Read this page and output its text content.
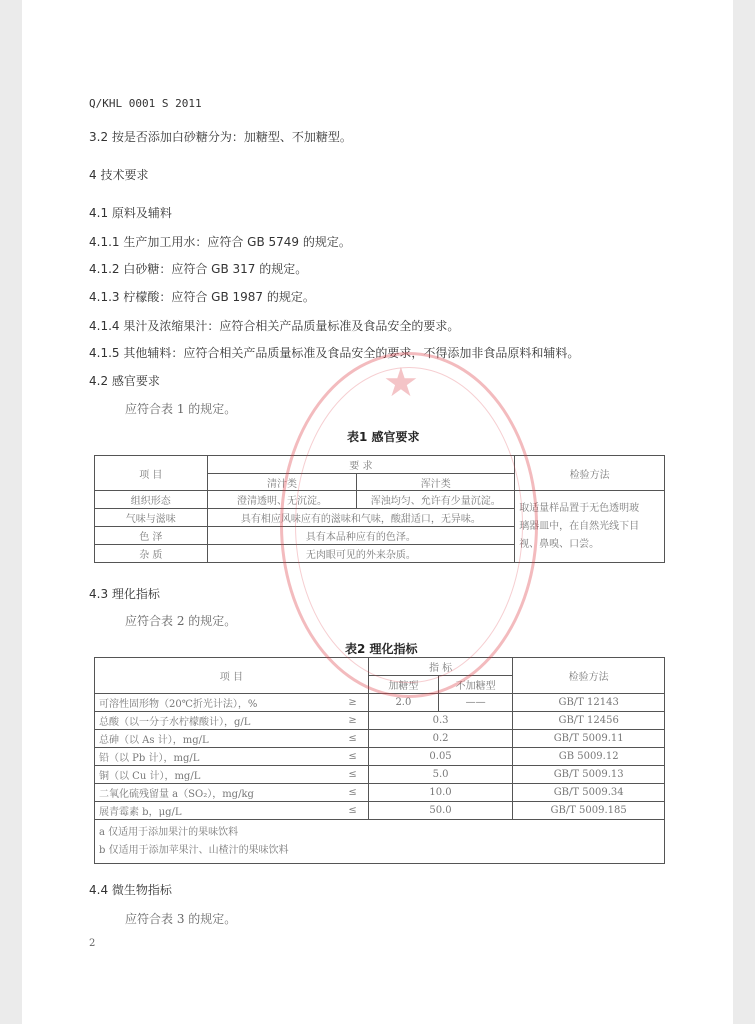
Q/KHL 0001 S 2011
3.2 按是否添加白砂糖分为：加糖型、不加糖型。
4 技术要求
4.1 原料及辅料
4.1.1 生产加工用水：应符合 GB 5749 的规定。
4.1.2 白砂糖：应符合 GB 317 的规定。
4.1.3 柠檬酸：应符合 GB 1987 的规定。
4.1.4 果汁及浓缩果汁：应符合相关产品质量标准及食品安全的要求。
4.1.5 其他辅料：应符合相关产品质量标准及食品安全的要求，不得添加非食品原料和辅料。
4.2 感官要求
应符合表 1 的规定。
表1 感官要求
项 目	要 求		检验方法
	清汁类	浑汁类	
组织形态	澄清透明、无沉淀。	浑浊均匀、允许有少量沉淀。	取适量样品置于无色透明玻
璃器皿中，在自然光线下目
视、鼻嗅、口尝。

气味与滋味	具有相应风味应有的滋味和气味，酸甜适口，无异味。		
色 泽	具有本品种应有的色泽。		
杂 质	无肉眼可见的外来杂质。		
4.3 理化指标
应符合表 2 的规定。
表2 理化指标
项 目		指 标		检验方法
		加糖型	不加糖型	
可溶性固形物（20℃折光计法），%	≥	2.0	——	GB/T 12143
总酸（以一分子水柠檬酸计），g/L	≥	0.3		GB/T 12456
总砷（以 As 计），mg/L	≤	0.2		GB/T 5009.11
铅（以 Pb 计），mg/L	≤	0.05		GB 5009.12
铜（以 Cu 计），mg/L	≤	5.0		GB/T 5009.13
二氧化硫残留量 a（SO₂），mg/kg	≤	10.0		GB/T 5009.34
展青霉素 b，μg/L	≤	50.0		GB/T 5009.185

a 仅适用于添加果汁的果味饮料
b 仅适用于添加苹果汁、山楂汁的果味饮料				
4.4 微生物指标
应符合表 3 的规定。
2
★
